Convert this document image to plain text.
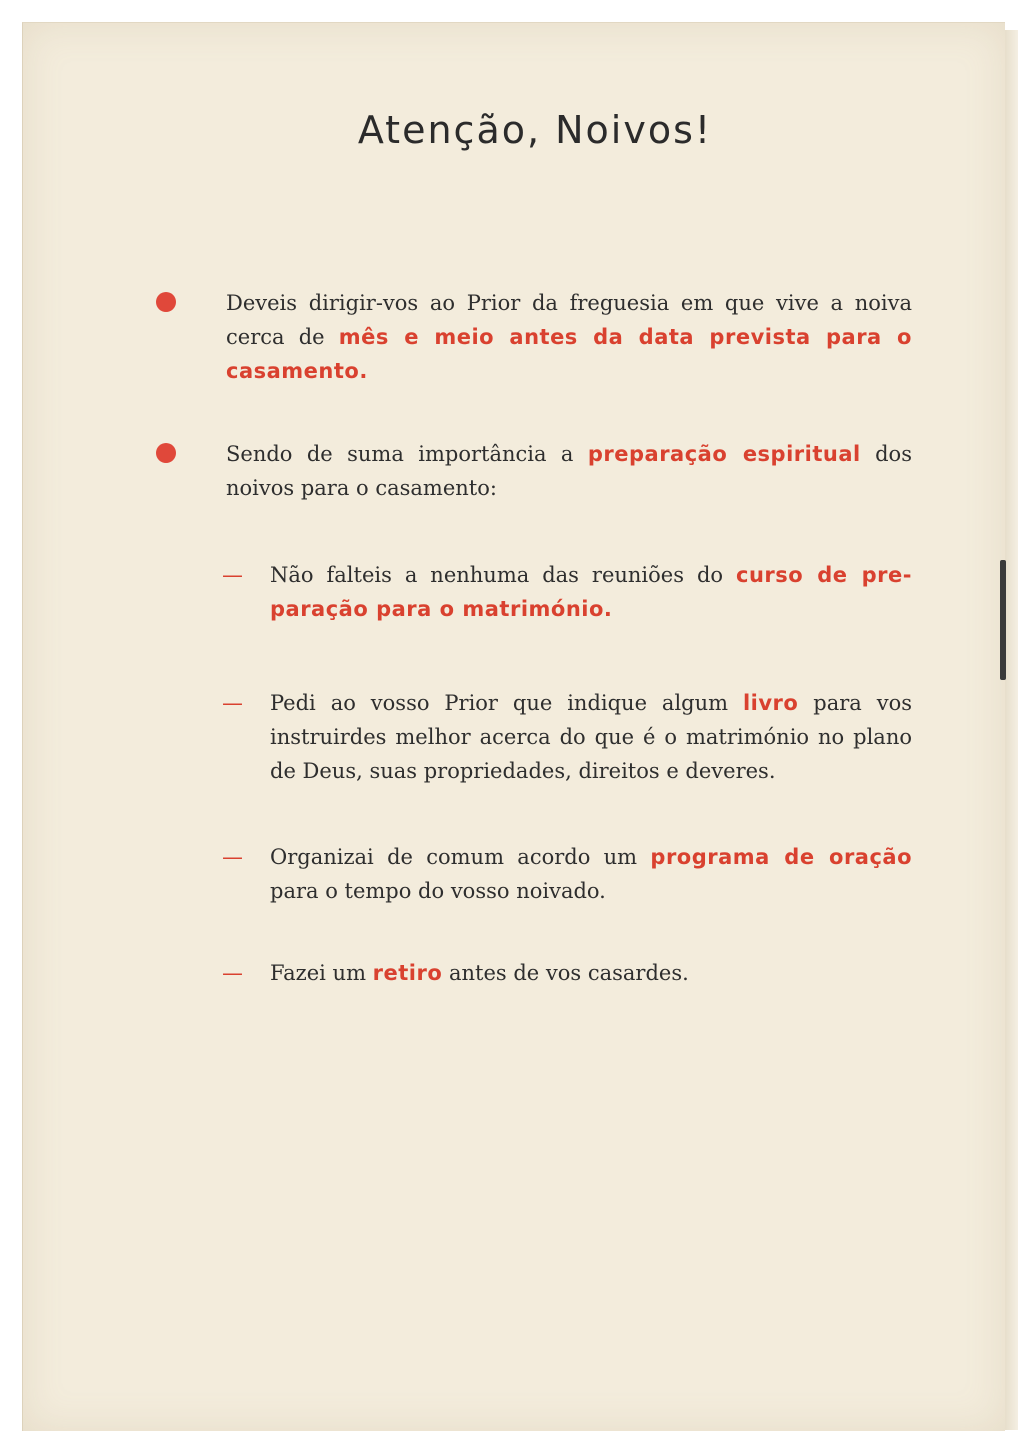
Atenção, Noivos!

Deveis dirigir-vos ao Prior da freguesia em que vive a noiva cerca de mês e meio antes da data prevista para o casamento.

Sendo de suma importância a preparação espiritual dos noivos para o casamento:

— Não falteis a nenhuma das reuniões do curso de pre-paração para o matrimónio.

— Pedi ao vosso Prior que indique algum livro para vos instruirdes melhor acerca do que é o matrimónio no plano de Deus, suas propriedades, direitos e deveres.

— Organizai de comum acordo um programa de oração para o tempo do vosso noivado.

— Fazei um retiro antes de vos casardes.
